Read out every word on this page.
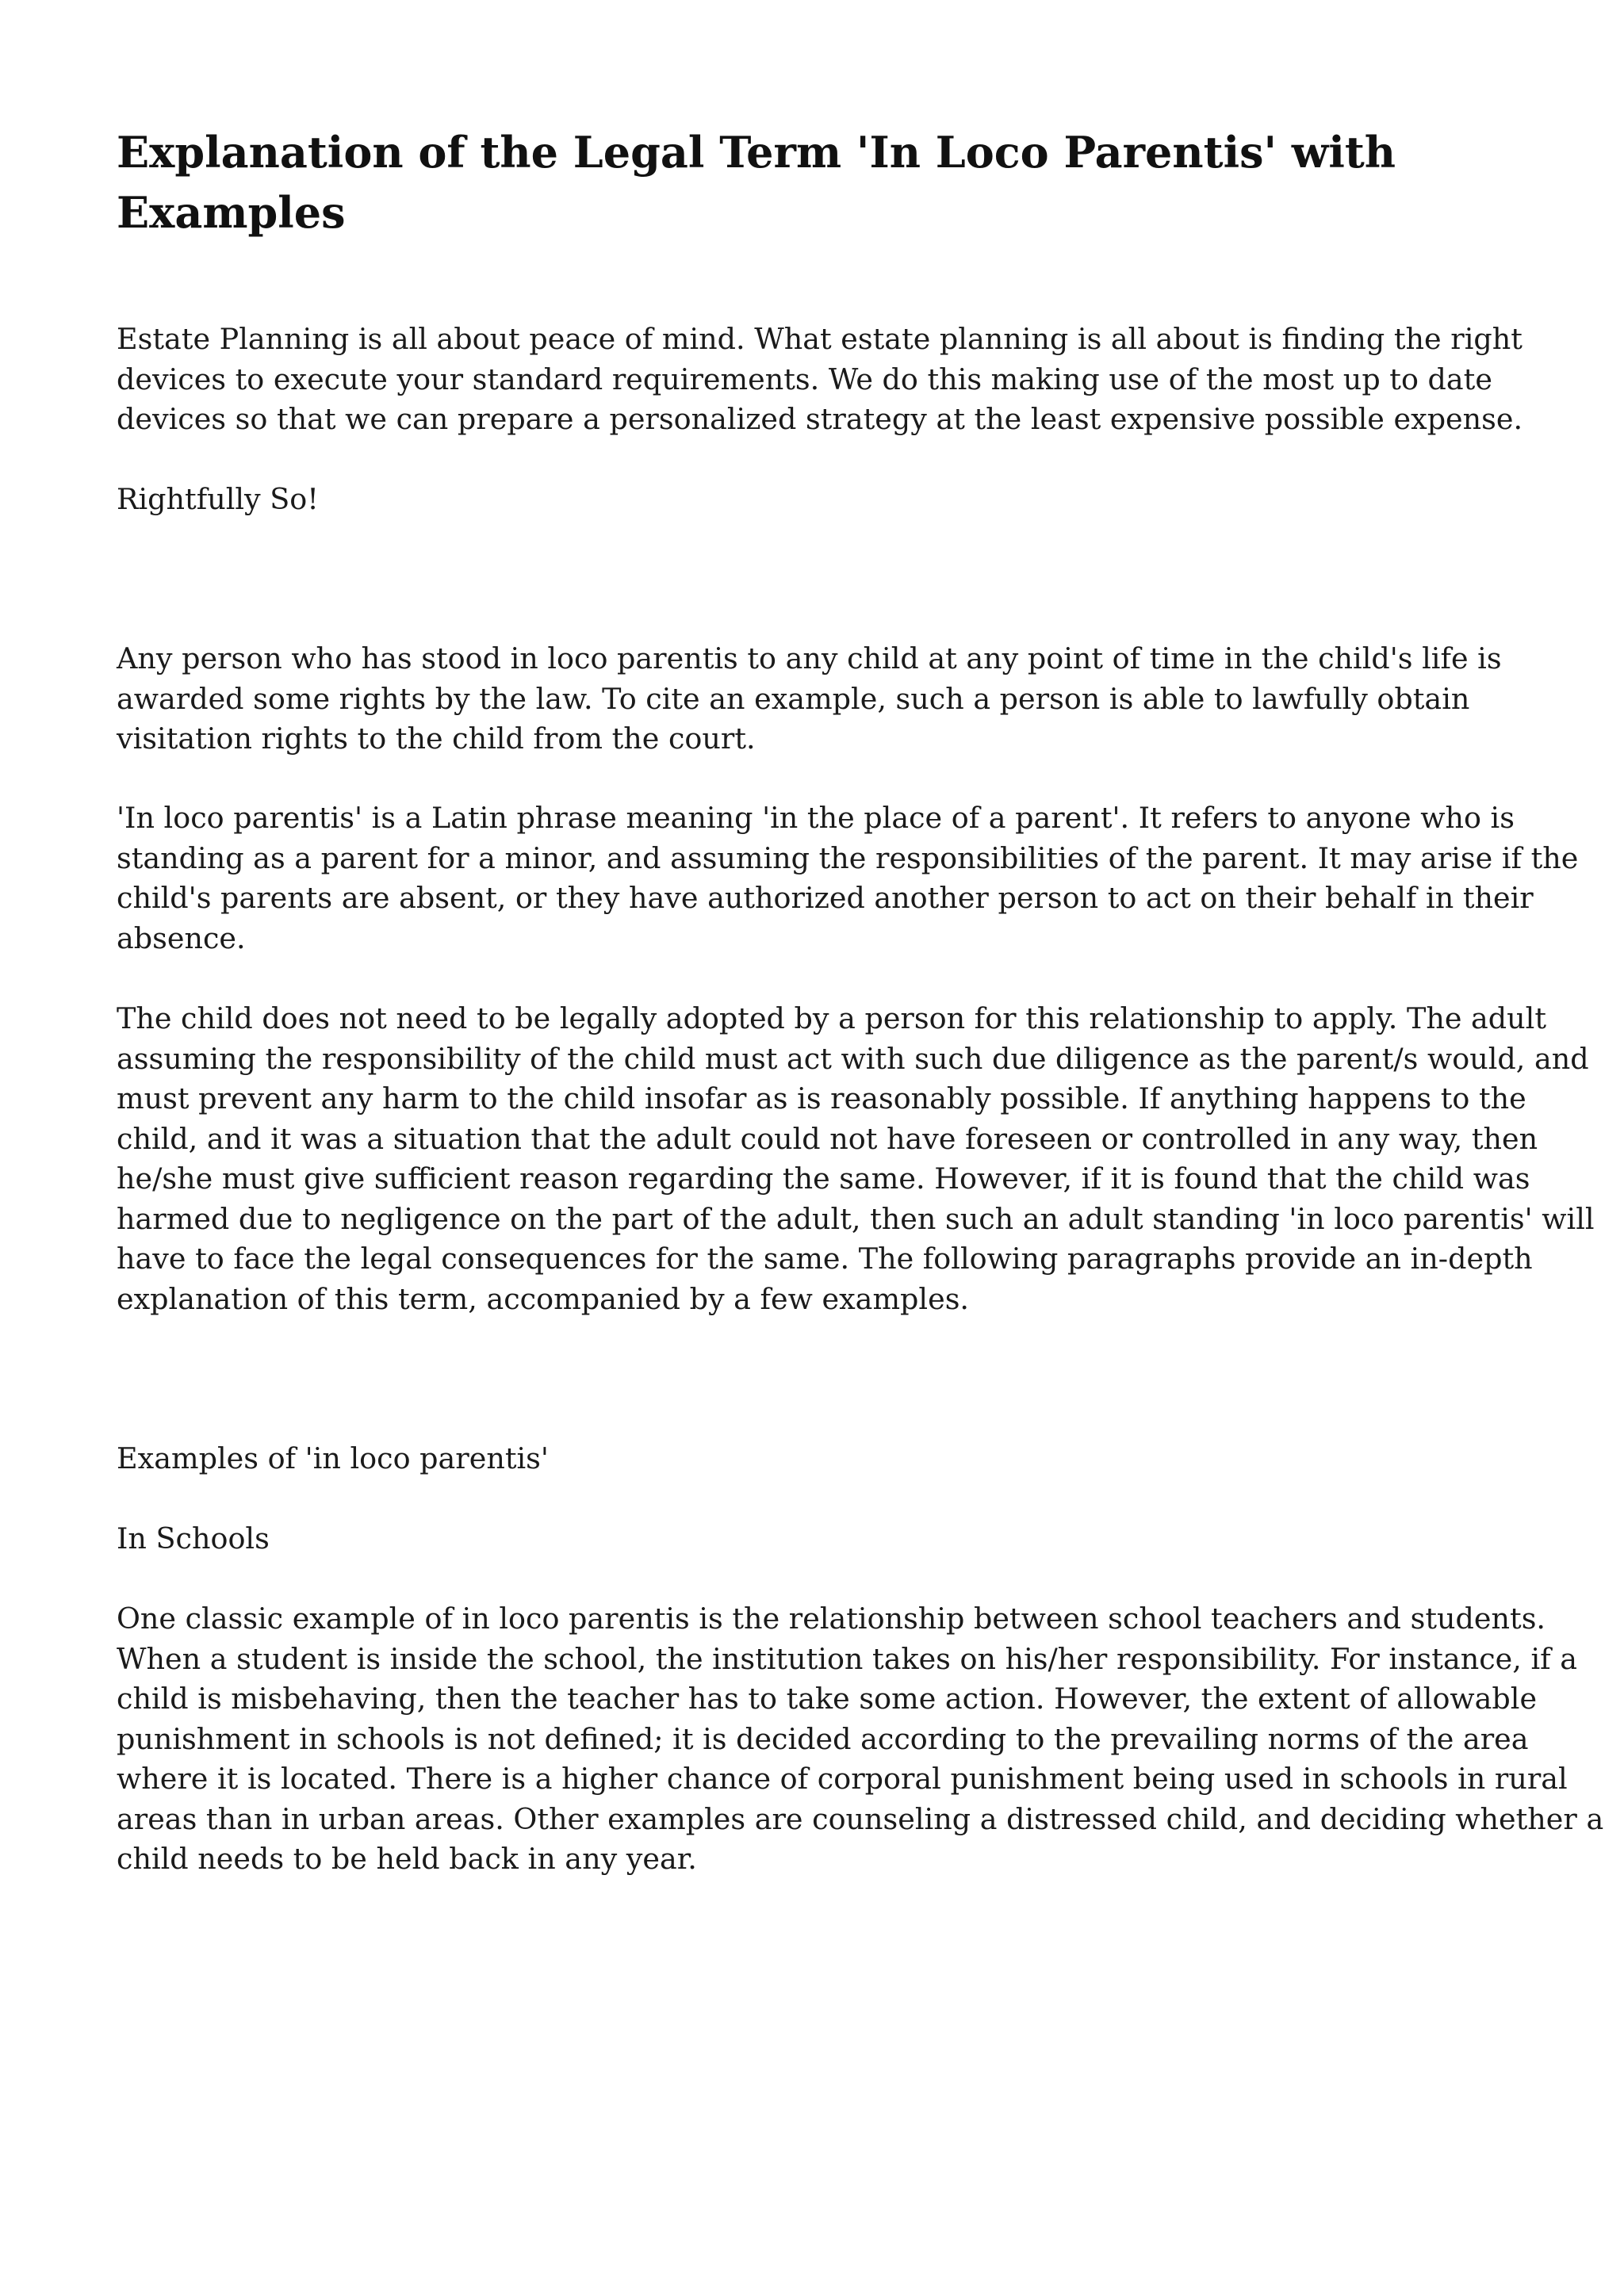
Explanation of the Legal Term 'In Loco Parentis' with
Examples

Estate Planning is all about peace of mind. What estate planning is all about is finding the right
devices to execute your standard requirements. We do this making use of the most up to date
devices so that we can prepare a personalized strategy at the least expensive possible expense.

Rightfully So!

Any person who has stood in loco parentis to any child at any point of time in the child's life is
awarded some rights by the law. To cite an example, such a person is able to lawfully obtain
visitation rights to the child from the court.

'In loco parentis' is a Latin phrase meaning 'in the place of a parent'. It refers to anyone who is
standing as a parent for a minor, and assuming the responsibilities of the parent. It may arise if the
child's parents are absent, or they have authorized another person to act on their behalf in their
absence.

The child does not need to be legally adopted by a person for this relationship to apply. The adult
assuming the responsibility of the child must act with such due diligence as the parent/s would, and
must prevent any harm to the child insofar as is reasonably possible. If anything happens to the
child, and it was a situation that the adult could not have foreseen or controlled in any way, then
he/she must give sufficient reason regarding the same. However, if it is found that the child was
harmed due to negligence on the part of the adult, then such an adult standing 'in loco parentis' will
have to face the legal consequences for the same. The following paragraphs provide an in-depth
explanation of this term, accompanied by a few examples.

Examples of 'in loco parentis'

In Schools

One classic example of in loco parentis is the relationship between school teachers and students.
When a student is inside the school, the institution takes on his/her responsibility. For instance, if a
child is misbehaving, then the teacher has to take some action. However, the extent of allowable
punishment in schools is not defined; it is decided according to the prevailing norms of the area
where it is located. There is a higher chance of corporal punishment being used in schools in rural
areas than in urban areas. Other examples are counseling a distressed child, and deciding whether a
child needs to be held back in any year.
